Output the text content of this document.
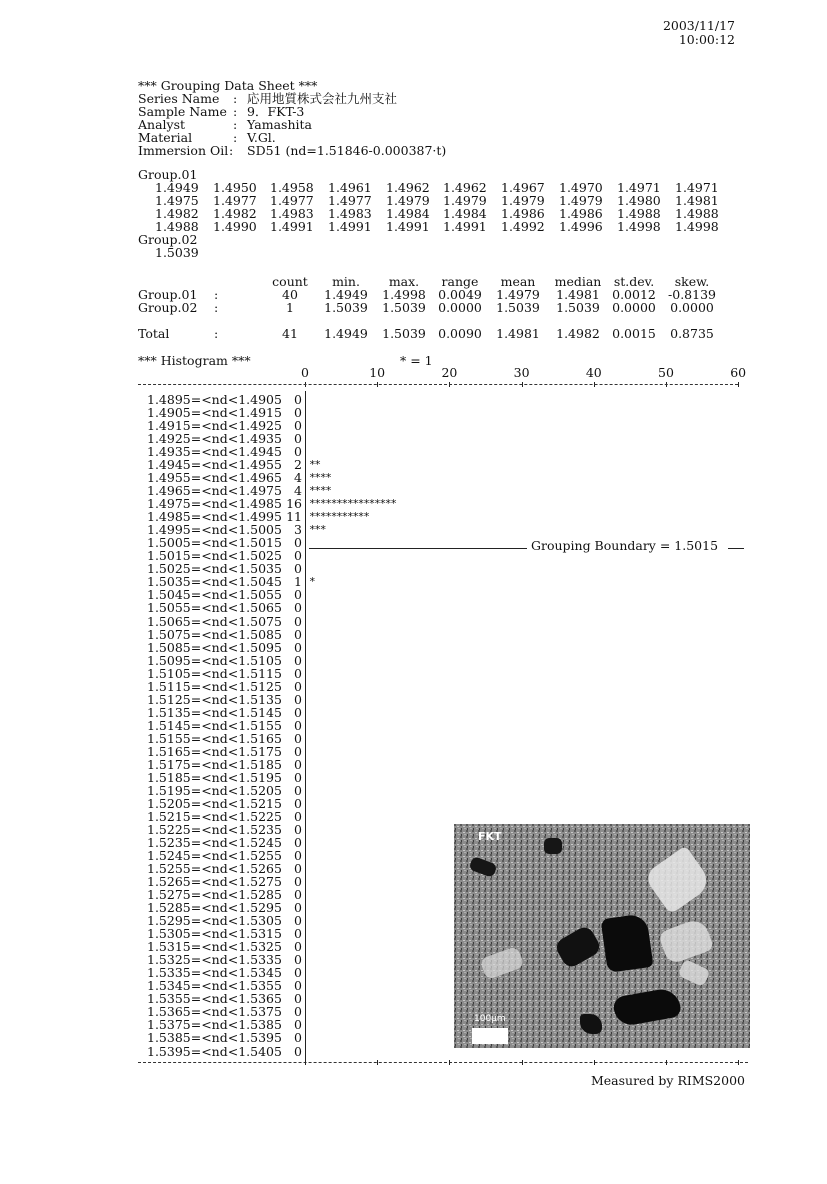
2003/11/17
10:00:12
*** Grouping Data Sheet ***
Series Name : 応用地質株式会社九州支社
Sample Name : 9．FKT-3
Analyst	: Yamashita
Material	: V.Gl.
Immersion Oil : SD51 (nd=1.51846-0.000387·t)
Group.01
1.4949 1.4950 1.4958 1.4961 1.4962 1.4962 1.4967 1.4970 1.4971 1.4971
1.4975 1.4977 1.4977 1.4977 1.4979 1.4979 1.4979 1.4979 1.4980 1.4981
1.4982 1.4982 1.4983 1.4983 1.4984 1.4984 1.4986 1.4986 1.4988 1.4988
1.4988 1.4990 1.4991 1.4991 1.4991 1.4991 1.4992 1.4996 1.4998 1.4998
Group.02
1.5039
count	min.	max.	range	mean	median st.dev.	skew.
Group.01 :	40	1.4949	1.4998 0.0049	1.4979	1.4981 0.0012 -0.8139
Group.02 :	1	1.5039	1.5039 0.0000	1.5039	1.5039 0.0000	0.0000
Total	:	41	1.4949	1.5039 0.0090	1.4981	1.4982 0.0015	0.8735
*** Histogram ***	* = 1
0	10	20	30	40	50	60
1.4895=<nd<1.4905 0
1.4905=<nd<1.4915 0
1.4915=<nd<1.4925 0
1.4925=<nd<1.4935 0
1.4935=<nd<1.4945 0
1.4945=<nd<1.4955 2 **
1.4955=<nd<1.4965 4 ****
1.4965=<nd<1.4975 4 ****
1.4975=<nd<1.4985 16 ****************
1.4985=<nd<1.4995 11 ***********
1.4995=<nd<1.5005 3 ***
1.5005=<nd<1.5015 0
1.5015=<nd<1.5025 0
1.5025=<nd<1.5035 0
1.5035=<nd<1.5045 1 *
1.5045=<nd<1.5055 0
1.5055=<nd<1.5065 0
1.5065=<nd<1.5075 0
1.5075=<nd<1.5085 0
1.5085=<nd<1.5095 0
1.5095=<nd<1.5105 0
1.5105=<nd<1.5115 0
1.5115=<nd<1.5125 0
1.5125=<nd<1.5135 0
1.5135=<nd<1.5145 0
1.5145=<nd<1.5155 0
1.5155=<nd<1.5165 0
1.5165=<nd<1.5175 0
1.5175=<nd<1.5185 0
1.5185=<nd<1.5195 0
1.5195=<nd<1.5205 0
1.5205=<nd<1.5215 0
1.5215=<nd<1.5225 0
1.5225=<nd<1.5235 0
1.5235=<nd<1.5245 0
1.5245=<nd<1.5255 0
1.5255=<nd<1.5265 0
1.5265=<nd<1.5275 0
1.5275=<nd<1.5285 0
1.5285=<nd<1.5295 0
1.5295=<nd<1.5305 0
1.5305=<nd<1.5315 0
1.5315=<nd<1.5325 0
1.5325=<nd<1.5335 0
1.5335=<nd<1.5345 0
1.5345=<nd<1.5355 0
1.5355=<nd<1.5365 0
1.5365=<nd<1.5375 0
1.5375=<nd<1.5385 0
1.5385=<nd<1.5395 0
1.5395=<nd<1.5405 0
Grouping Boundary = 1.5015
FKT
100μm
Measured by RIMS2000
